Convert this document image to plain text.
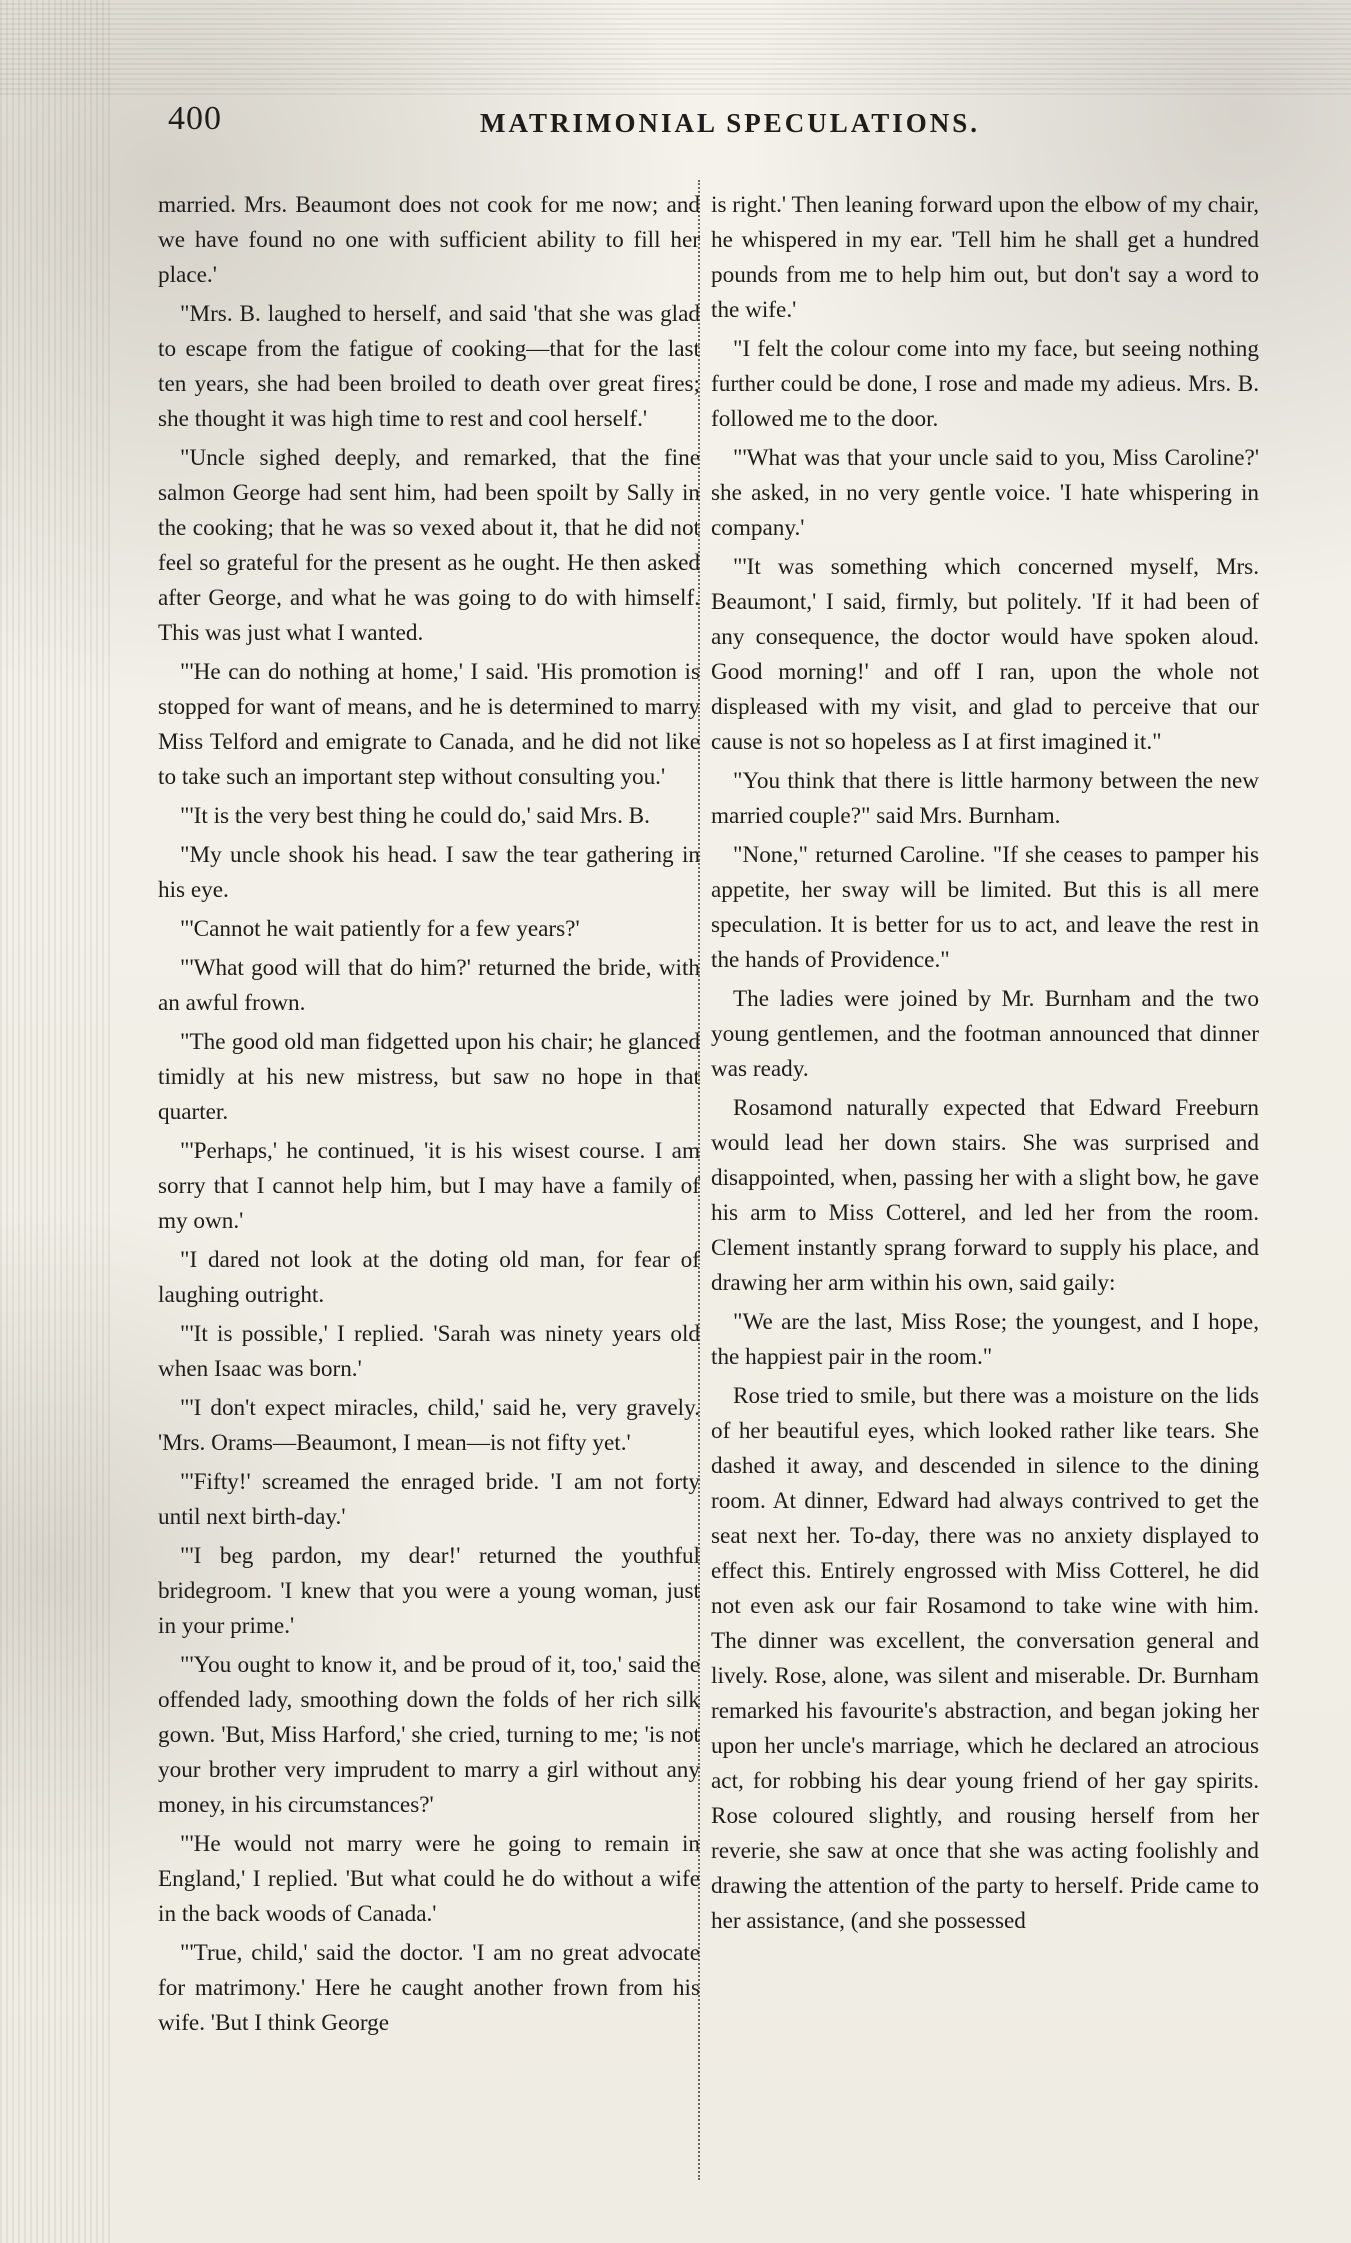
400	MATRIMONIAL SPECULATIONS.

married. Mrs. Beaumont does not cook for me now; and we have found no one with sufficient ability to fill her place.'

"Mrs. B. laughed to herself, and said 'that she was glad to escape from the fatigue of cooking—that for the last ten years, she had been broiled to death over great fires; she thought it was high time to rest and cool herself.'

"Uncle sighed deeply, and remarked, that the fine salmon George had sent him, had been spoilt by Sally in the cooking; that he was so vexed about it, that he did not feel so grateful for the present as he ought. He then asked after George, and what he was going to do with himself. This was just what I wanted.

"'He can do nothing at home,' I said. 'His promotion is stopped for want of means, and he is determined to marry Miss Telford and emigrate to Canada, and he did not like to take such an important step without consulting you.'

"'It is the very best thing he could do,' said Mrs. B.

"My uncle shook his head. I saw the tear gathering in his eye.

"'Cannot he wait patiently for a few years?'

"'What good will that do him?' returned the bride, with an awful frown.

"The good old man fidgetted upon his chair; he glanced timidly at his new mistress, but saw no hope in that quarter.

"'Perhaps,' he continued, 'it is his wisest course. I am sorry that I cannot help him, but I may have a family of my own.'

"I dared not look at the doting old man, for fear of laughing outright.

"'It is possible,' I replied. 'Sarah was ninety years old when Isaac was born.'

"'I don't expect miracles, child,' said he, very gravely. 'Mrs. Orams—Beaumont, I mean—is not fifty yet.'

"'Fifty!' screamed the enraged bride. 'I am not forty until next birth-day.'

"'I beg pardon, my dear!' returned the youthful bridegroom. 'I knew that you were a young woman, just in your prime.'

"'You ought to know it, and be proud of it, too,' said the offended lady, smoothing down the folds of her rich silk gown. 'But, Miss Harford,' she cried, turning to me; 'is not your brother very imprudent to marry a girl without any money, in his circumstances?'

"'He would not marry were he going to remain in England,' I replied. 'But what could he do without a wife in the back woods of Canada.'

"'True, child,' said the doctor. 'I am no great advocate for matrimony.' Here he caught another frown from his wife. 'But I think George

is right.' Then leaning forward upon the elbow of my chair, he whispered in my ear. 'Tell him he shall get a hundred pounds from me to help him out, but don't say a word to the wife.'

"I felt the colour come into my face, but seeing nothing further could be done, I rose and made my adieus. Mrs. B. followed me to the door.

"'What was that your uncle said to you, Miss Caroline?' she asked, in no very gentle voice. 'I hate whispering in company.'

"'It was something which concerned myself, Mrs. Beaumont,' I said, firmly, but politely. 'If it had been of any consequence, the doctor would have spoken aloud. Good morning!' and off I ran, upon the whole not displeased with my visit, and glad to perceive that our cause is not so hopeless as I at first imagined it."

"You think that there is little harmony between the new married couple?" said Mrs. Burnham.

"None," returned Caroline. "If she ceases to pamper his appetite, her sway will be limited. But this is all mere speculation. It is better for us to act, and leave the rest in the hands of Providence."

The ladies were joined by Mr. Burnham and the two young gentlemen, and the footman announced that dinner was ready.

Rosamond naturally expected that Edward Freeburn would lead her down stairs. She was surprised and disappointed, when, passing her with a slight bow, he gave his arm to Miss Cotterel, and led her from the room. Clement instantly sprang forward to supply his place, and drawing her arm within his own, said gaily:

"We are the last, Miss Rose; the youngest, and I hope, the happiest pair in the room."

Rose tried to smile, but there was a moisture on the lids of her beautiful eyes, which looked rather like tears. She dashed it away, and descended in silence to the dining room. At dinner, Edward had always contrived to get the seat next her. To-day, there was no anxiety displayed to effect this. Entirely engrossed with Miss Cotterel, he did not even ask our fair Rosamond to take wine with him. The dinner was excellent, the conversation general and lively. Rose, alone, was silent and miserable. Dr. Burnham remarked his favourite's abstraction, and began joking her upon her uncle's marriage, which he declared an atrocious act, for robbing his dear young friend of her gay spirits. Rose coloured slightly, and rousing herself from her reverie, she saw at once that she was acting foolishly and drawing the attention of the party to herself. Pride came to her assistance, (and she possessed
